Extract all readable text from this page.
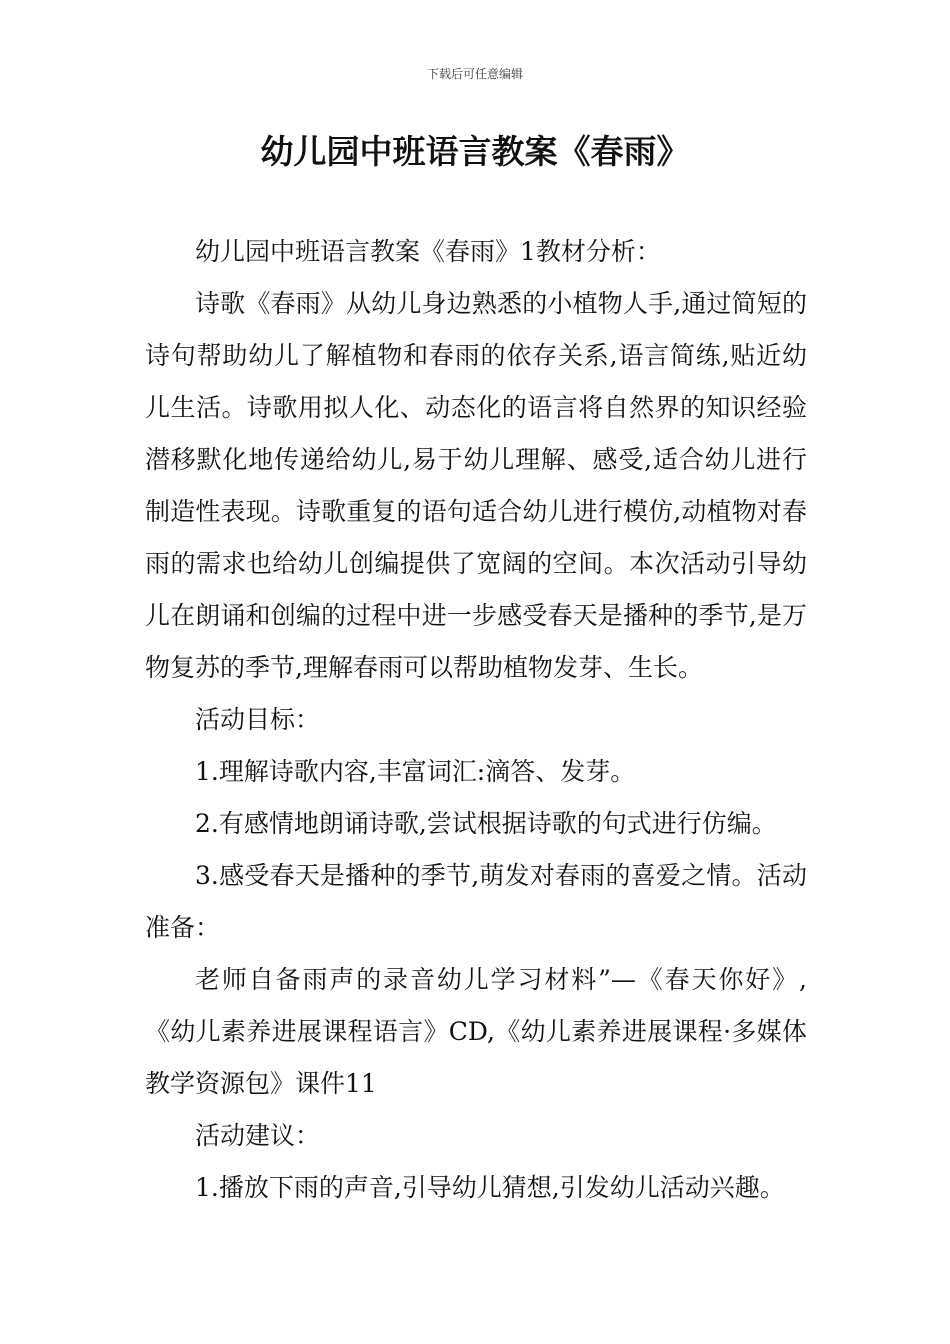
下载后可任意编辑
幼儿园中班语言教案《春雨》

幼儿园中班语言教案《春雨》1教材分析：

诗歌《春雨》从幼儿身边熟悉的小植物人手,通过简短的诗句帮助幼儿了解植物和春雨的依存关系,语言简练,贴近幼儿生活。诗歌用拟人化、动态化的语言将自然界的知识经验潜移默化地传递给幼儿,易于幼儿理解、感受,适合幼儿进行制造性表现。诗歌重复的语句适合幼儿进行模仿,动植物对春雨的需求也给幼儿创编提供了宽阔的空间。本次活动引导幼儿在朗诵和创编的过程中进一步感受春天是播种的季节,是万物复苏的季节,理解春雨可以帮助植物发芽、生长。

活动目标：

1.理解诗歌内容,丰富词汇:滴答、发芽。

2.有感情地朗诵诗歌,尝试根据诗歌的句式进行仿编。

3.感受春天是播种的季节,萌发对春雨的喜爱之情。活动准备：

老师自备雨声的录音幼儿学习材料”—《春天你好》,《幼儿素养进展课程语言》CD,《幼儿素养进展课程·多媒体教学资源包》课件11

活动建议：

1.播放下雨的声音,引导幼儿猜想,引发幼儿活动兴趣。
